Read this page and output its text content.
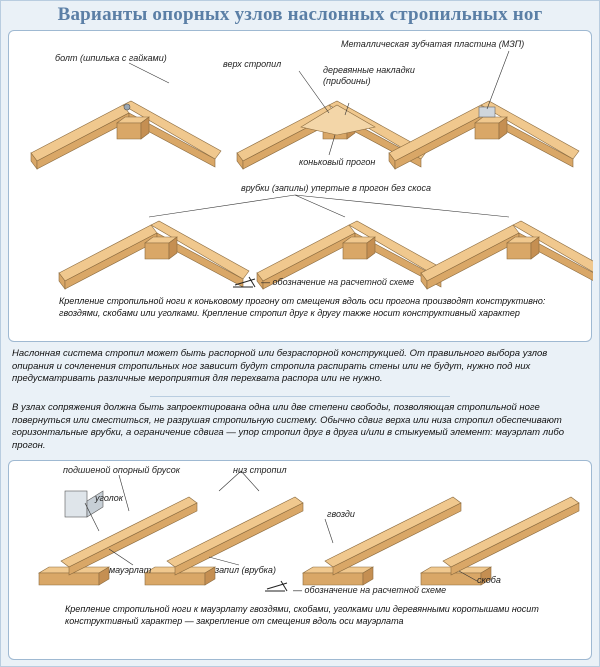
Варианты опорных узлов наслонных стропильных ног
болт (шпилька с гайками)
верх стропил
деревянные накладки
(прибоины)
Металлическая зубчатая пластина (МЗП)
коньковый прогон
врубки (запилы) упертые в прогон без скоса
— обозначение на расчетной схеме
Крепление стропильной ноги к коньковому прогону от смещения вдоль оси прогона производят конструктивно: гвоздями, скобами или уголками. Крепление стропил друг к другу также носит конструктивный характер
Наслонная система стропил может быть распорной или безраспорной конструкцией. От правильного выбора узлов опирания и сочленения стропильных ног зависит будут стропила распирать стены или не будут, нужно под них предусматривать различные мероприятия для перехвата распора или не нужно.
В узлах сопряжения должна быть запроектирована одна или две степени свободы, позволяющая стропильной ноге повернуться или сместиться, не разрушая стропильную систему. Обычно сдвиг верха или низа стропил обеспечивают горизонтальные врубки, а ограничение сдвига — упор стропил друг в друга и/или в стыкуемый элемент: мауэрлат либо прогон.
подшиеной опорный брусок	низ стропил
уголок
гвозди
мауэрлат	запил (врубка)
скоба
— обозначение на расчетной схеме
Крепление стропильной ноги к мауэрлату гвоздями, скобами, уголками или деревянными коротышами носит конструктивный характер — закрепление от смещения вдоль оси мауэрлата
